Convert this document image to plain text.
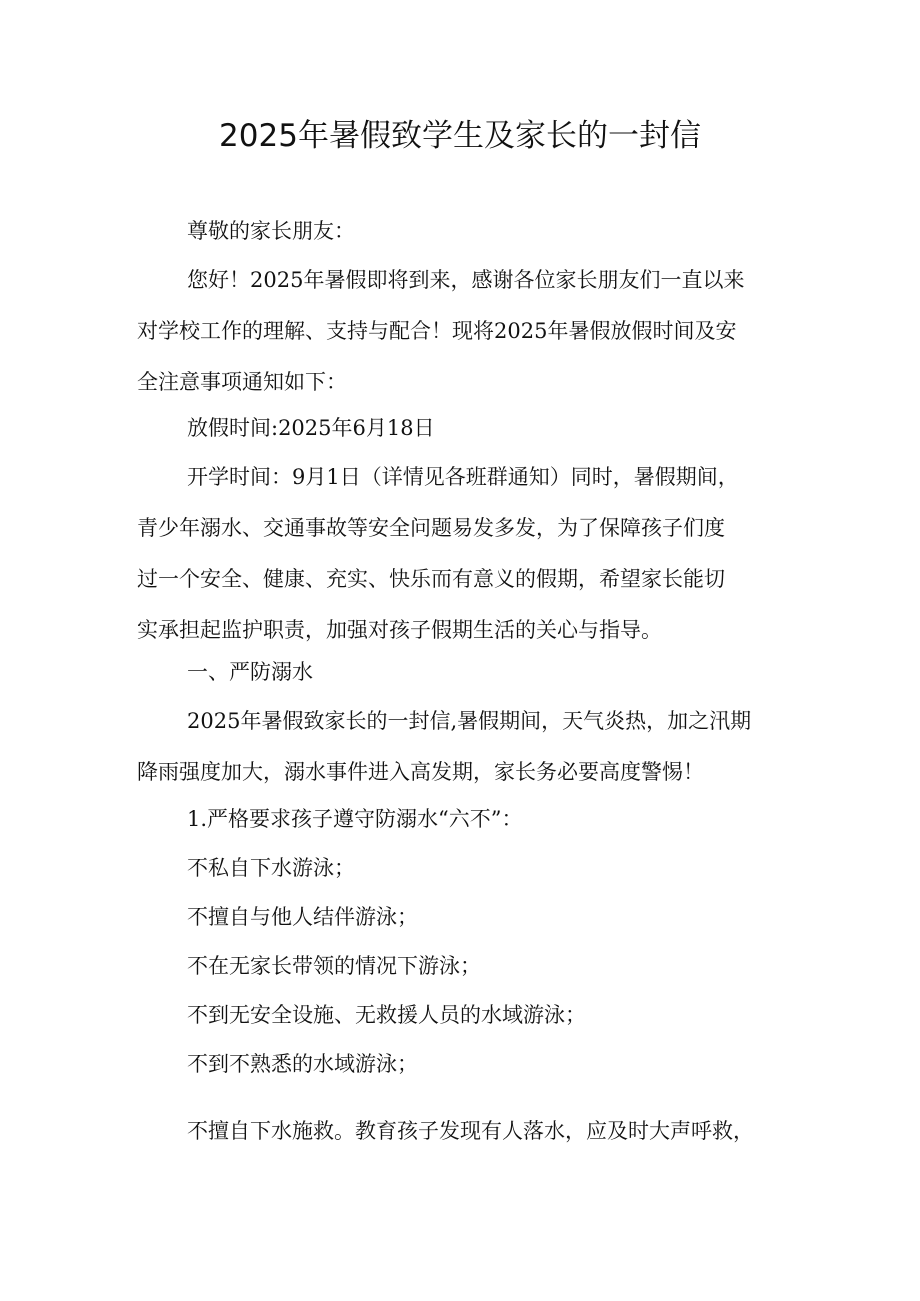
2025年暑假致学生及家长的一封信

尊敬的家长朋友：

您好！2025年暑假即将到来，感谢各位家长朋友们一直以来
对学校工作的理解、支持与配合！现将2025年暑假放假时间及安
全注意事项通知如下：

放假时间:2025年6月18日

开学时间：9月1日（详情见各班群通知）同时，暑假期间，
青少年溺水、交通事故等安全问题易发多发，为了保障孩子们度
过一个安全、健康、充实、快乐而有意义的假期，希望家长能切
实承担起监护职责，加强对孩子假期生活的关心与指导。

一、严防溺水

2025年暑假致家长的一封信,暑假期间，天气炎热，加之汛期
降雨强度加大，溺水事件进入高发期，家长务必要高度警惕！

1.严格要求孩子遵守防溺水“六不”：

不私自下水游泳；

不擅自与他人结伴游泳；

不在无家长带领的情况下游泳；

不到无安全设施、无救援人员的水域游泳；

不到不熟悉的水域游泳；

不擅自下水施救。教育孩子发现有人落水，应及时大声呼救，
